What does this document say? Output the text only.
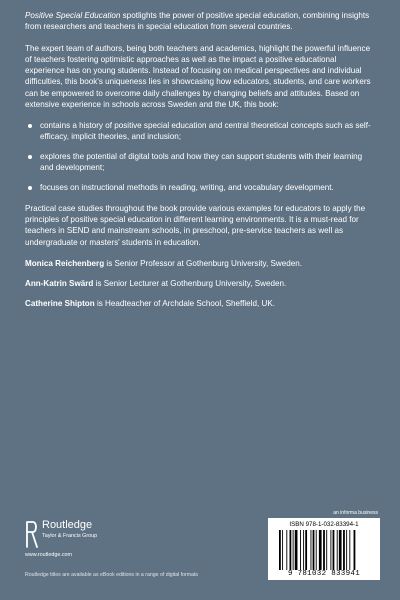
Positive Special Education spotlights the power of positive special education, combining insights from researchers and teachers in special education from several countries.

The expert team of authors, being both teachers and academics, highlight the powerful influence of teachers fostering optimistic approaches as well as the impact a positive educational experience has on young students. Instead of focusing on medical perspectives and individual difficulties, this book's uniqueness lies in showcasing how educators, students, and care workers can be empowered to overcome daily challenges by changing beliefs and attitudes. Based on extensive experience in schools across Sweden and the UK, this book:

contains a history of positive special education and central theoretical concepts such as self-efficacy, implicit theories, and inclusion;
explores the potential of digital tools and how they can support students with their learning and development;
focuses on instructional methods in reading, writing, and vocabulary development.

Practical case studies throughout the book provide various examples for educators to apply the principles of positive special education in different learning environments. It is a must-read for teachers in SEND and mainstream schools, in preschool, pre-service teachers as well as undergraduate or masters' students in education.

Monica Reichenberg is Senior Professor at Gothenburg University, Sweden.

Ann-Katrin Swärd is Senior Lecturer at Gothenburg University, Sweden.

Catherine Shipton is Headteacher of Archdale School, Sheffield, UK.

Routledge
Taylor & Francis Group
www.routledge.com
Routledge titles are available as eBook editions in a range of digital formats
an informa business
ISBN 978-1-032-83394-1
9 781032 833941
